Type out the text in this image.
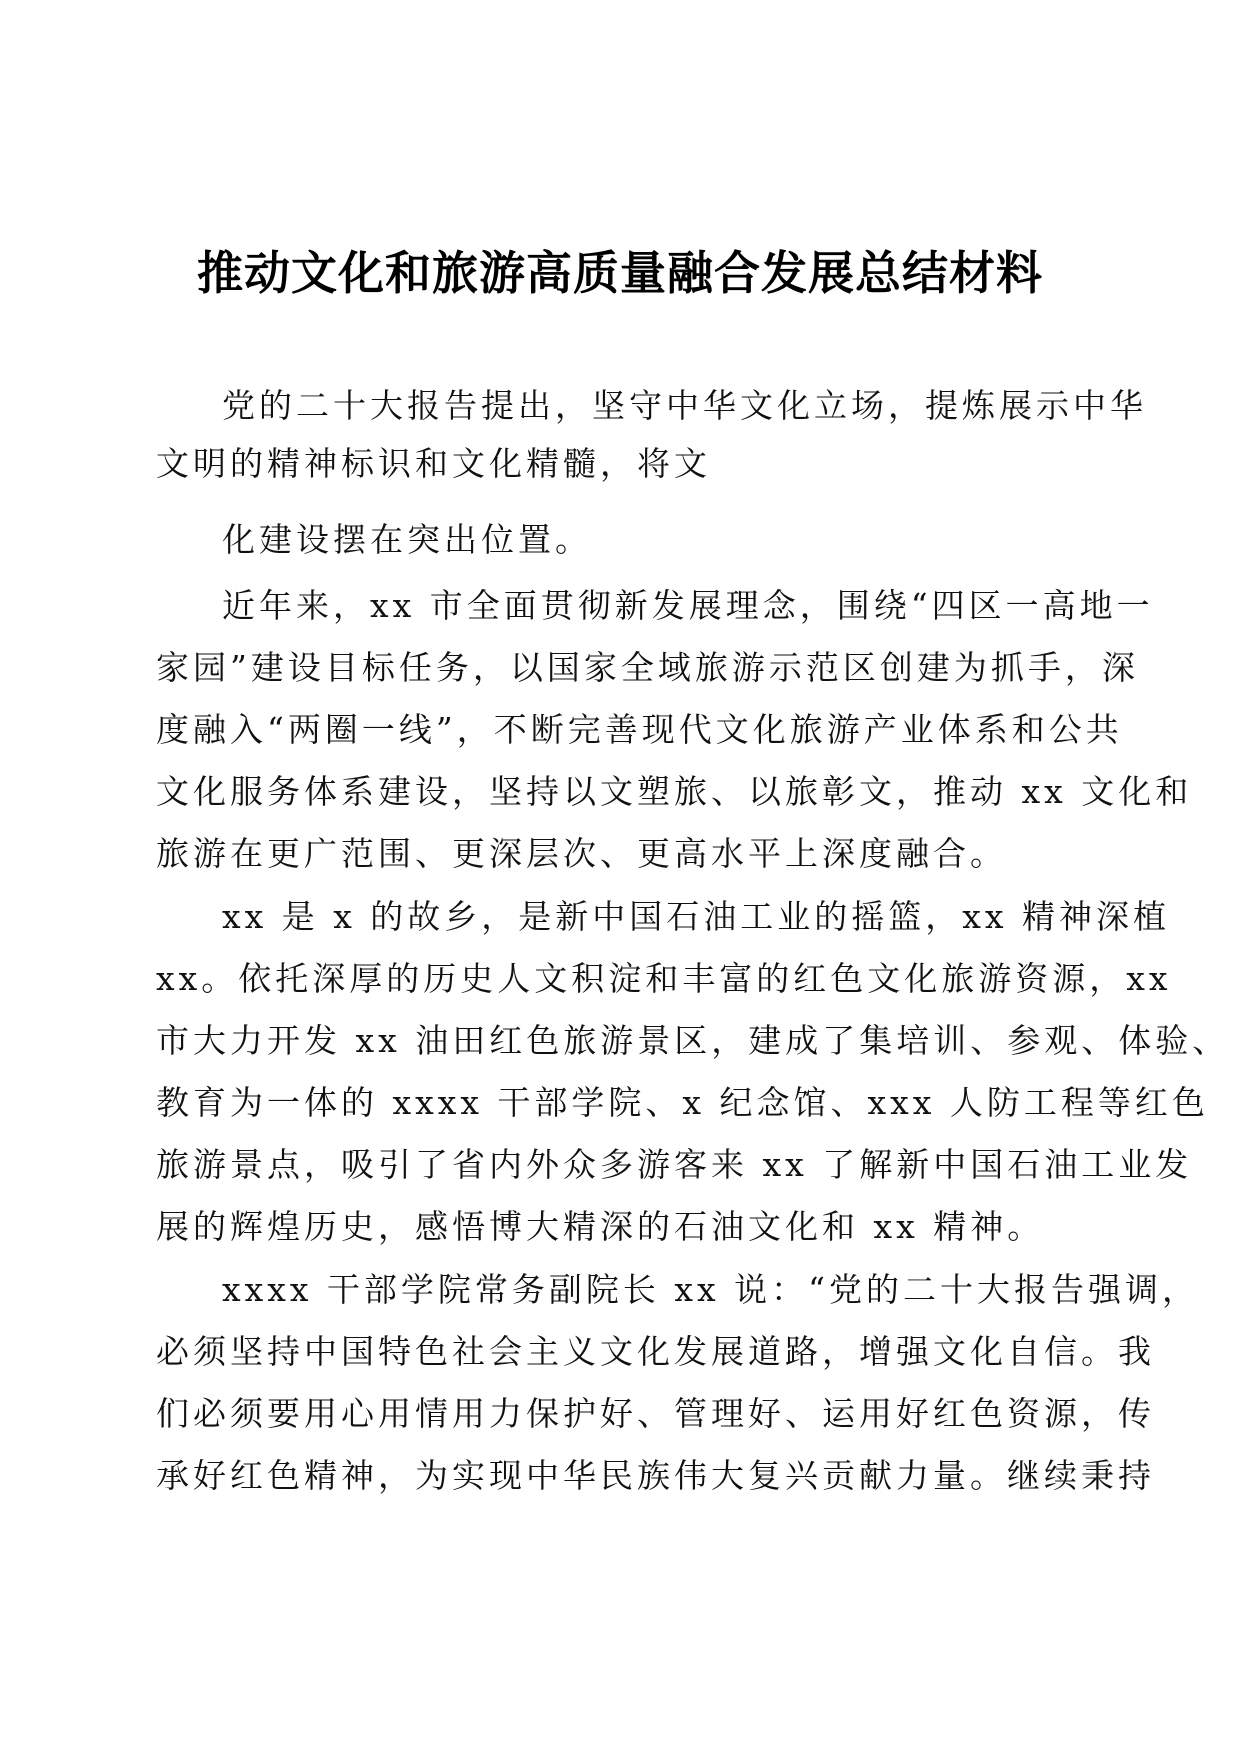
推动文化和旅游高质量融合发展总结材料
党的二十大报告提出，坚守中华文化立场，提炼展示中华
文明的精神标识和文化精髓，将文
化建设摆在突出位置。
近年来，xx 市全面贯彻新发展理念，围绕“四区一高地一
家园”建设目标任务，以国家全域旅游示范区创建为抓手，深
度融入“两圈一线”，不断完善现代文化旅游产业体系和公共
文化服务体系建设，坚持以文塑旅、以旅彰文，推动 xx 文化和
旅游在更广范围、更深层次、更高水平上深度融合。
xx 是 x 的故乡，是新中国石油工业的摇篮，xx 精神深植
xx。依托深厚的历史人文积淀和丰富的红色文化旅游资源，xx
市大力开发 xx 油田红色旅游景区，建成了集培训、参观、体验、
教育为一体的 xxxx 干部学院、x 纪念馆、xxx 人防工程等红色
旅游景点，吸引了省内外众多游客来 xx 了解新中国石油工业发
展的辉煌历史，感悟博大精深的石油文化和 xx 精神。
xxxx 干部学院常务副院长 xx 说：“党的二十大报告强调，
必须坚持中国特色社会主义文化发展道路，增强文化自信。我
们必须要用心用情用力保护好、管理好、运用好红色资源，传
承好红色精神，为实现中华民族伟大复兴贡献力量。继续秉持
